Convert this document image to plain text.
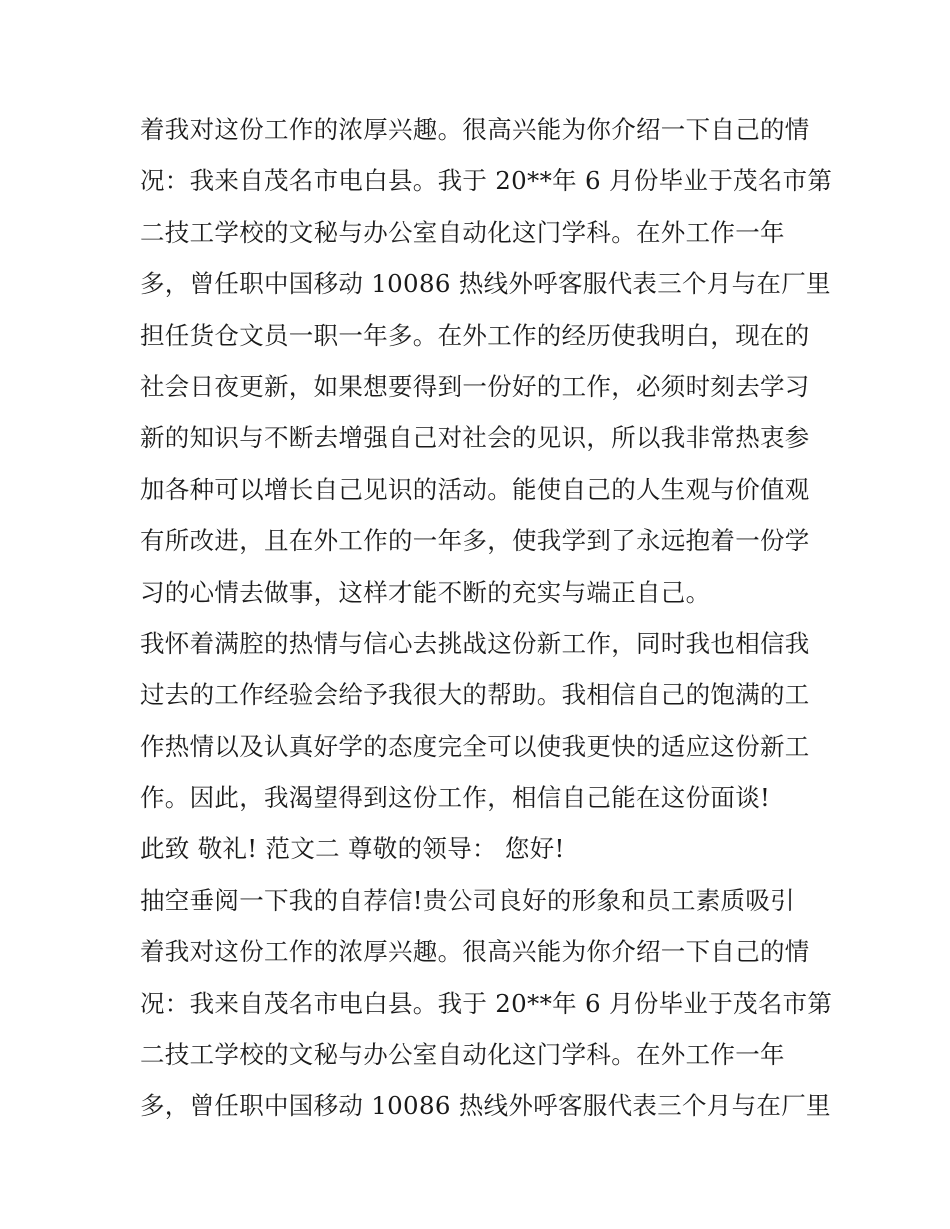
着我对这份工作的浓厚兴趣。很高兴能为你介绍一下自己的情
况：我来自茂名市电白县。我于 20**年 6 月份毕业于茂名市第
二技工学校的文秘与办公室自动化这门学科。在外工作一年
多，曾任职中国移动 10086 热线外呼客服代表三个月与在厂里
担任货仓文员一职一年多。在外工作的经历使我明白，现在的
社会日夜更新，如果想要得到一份好的工作，必须时刻去学习
新的知识与不断去增强自己对社会的见识，所以我非常热衷参
加各种可以增长自己见识的活动。能使自己的人生观与价值观
有所改进，且在外工作的一年多，使我学到了永远抱着一份学
习的心情去做事，这样才能不断的充实与端正自己。
我怀着满腔的热情与信心去挑战这份新工作，同时我也相信我
过去的工作经验会给予我很大的帮助。我相信自己的饱满的工
作热情以及认真好学的态度完全可以使我更快的适应这份新工
作。因此，我渴望得到这份工作，相信自己能在这份面谈!
此致 敬礼! 范文二 尊敬的领导： 您好!
抽空垂阅一下我的自荐信!贵公司良好的形象和员工素质吸引
着我对这份工作的浓厚兴趣。很高兴能为你介绍一下自己的情
况：我来自茂名市电白县。我于 20**年 6 月份毕业于茂名市第
二技工学校的文秘与办公室自动化这门学科。在外工作一年
多，曾任职中国移动 10086 热线外呼客服代表三个月与在厂里
